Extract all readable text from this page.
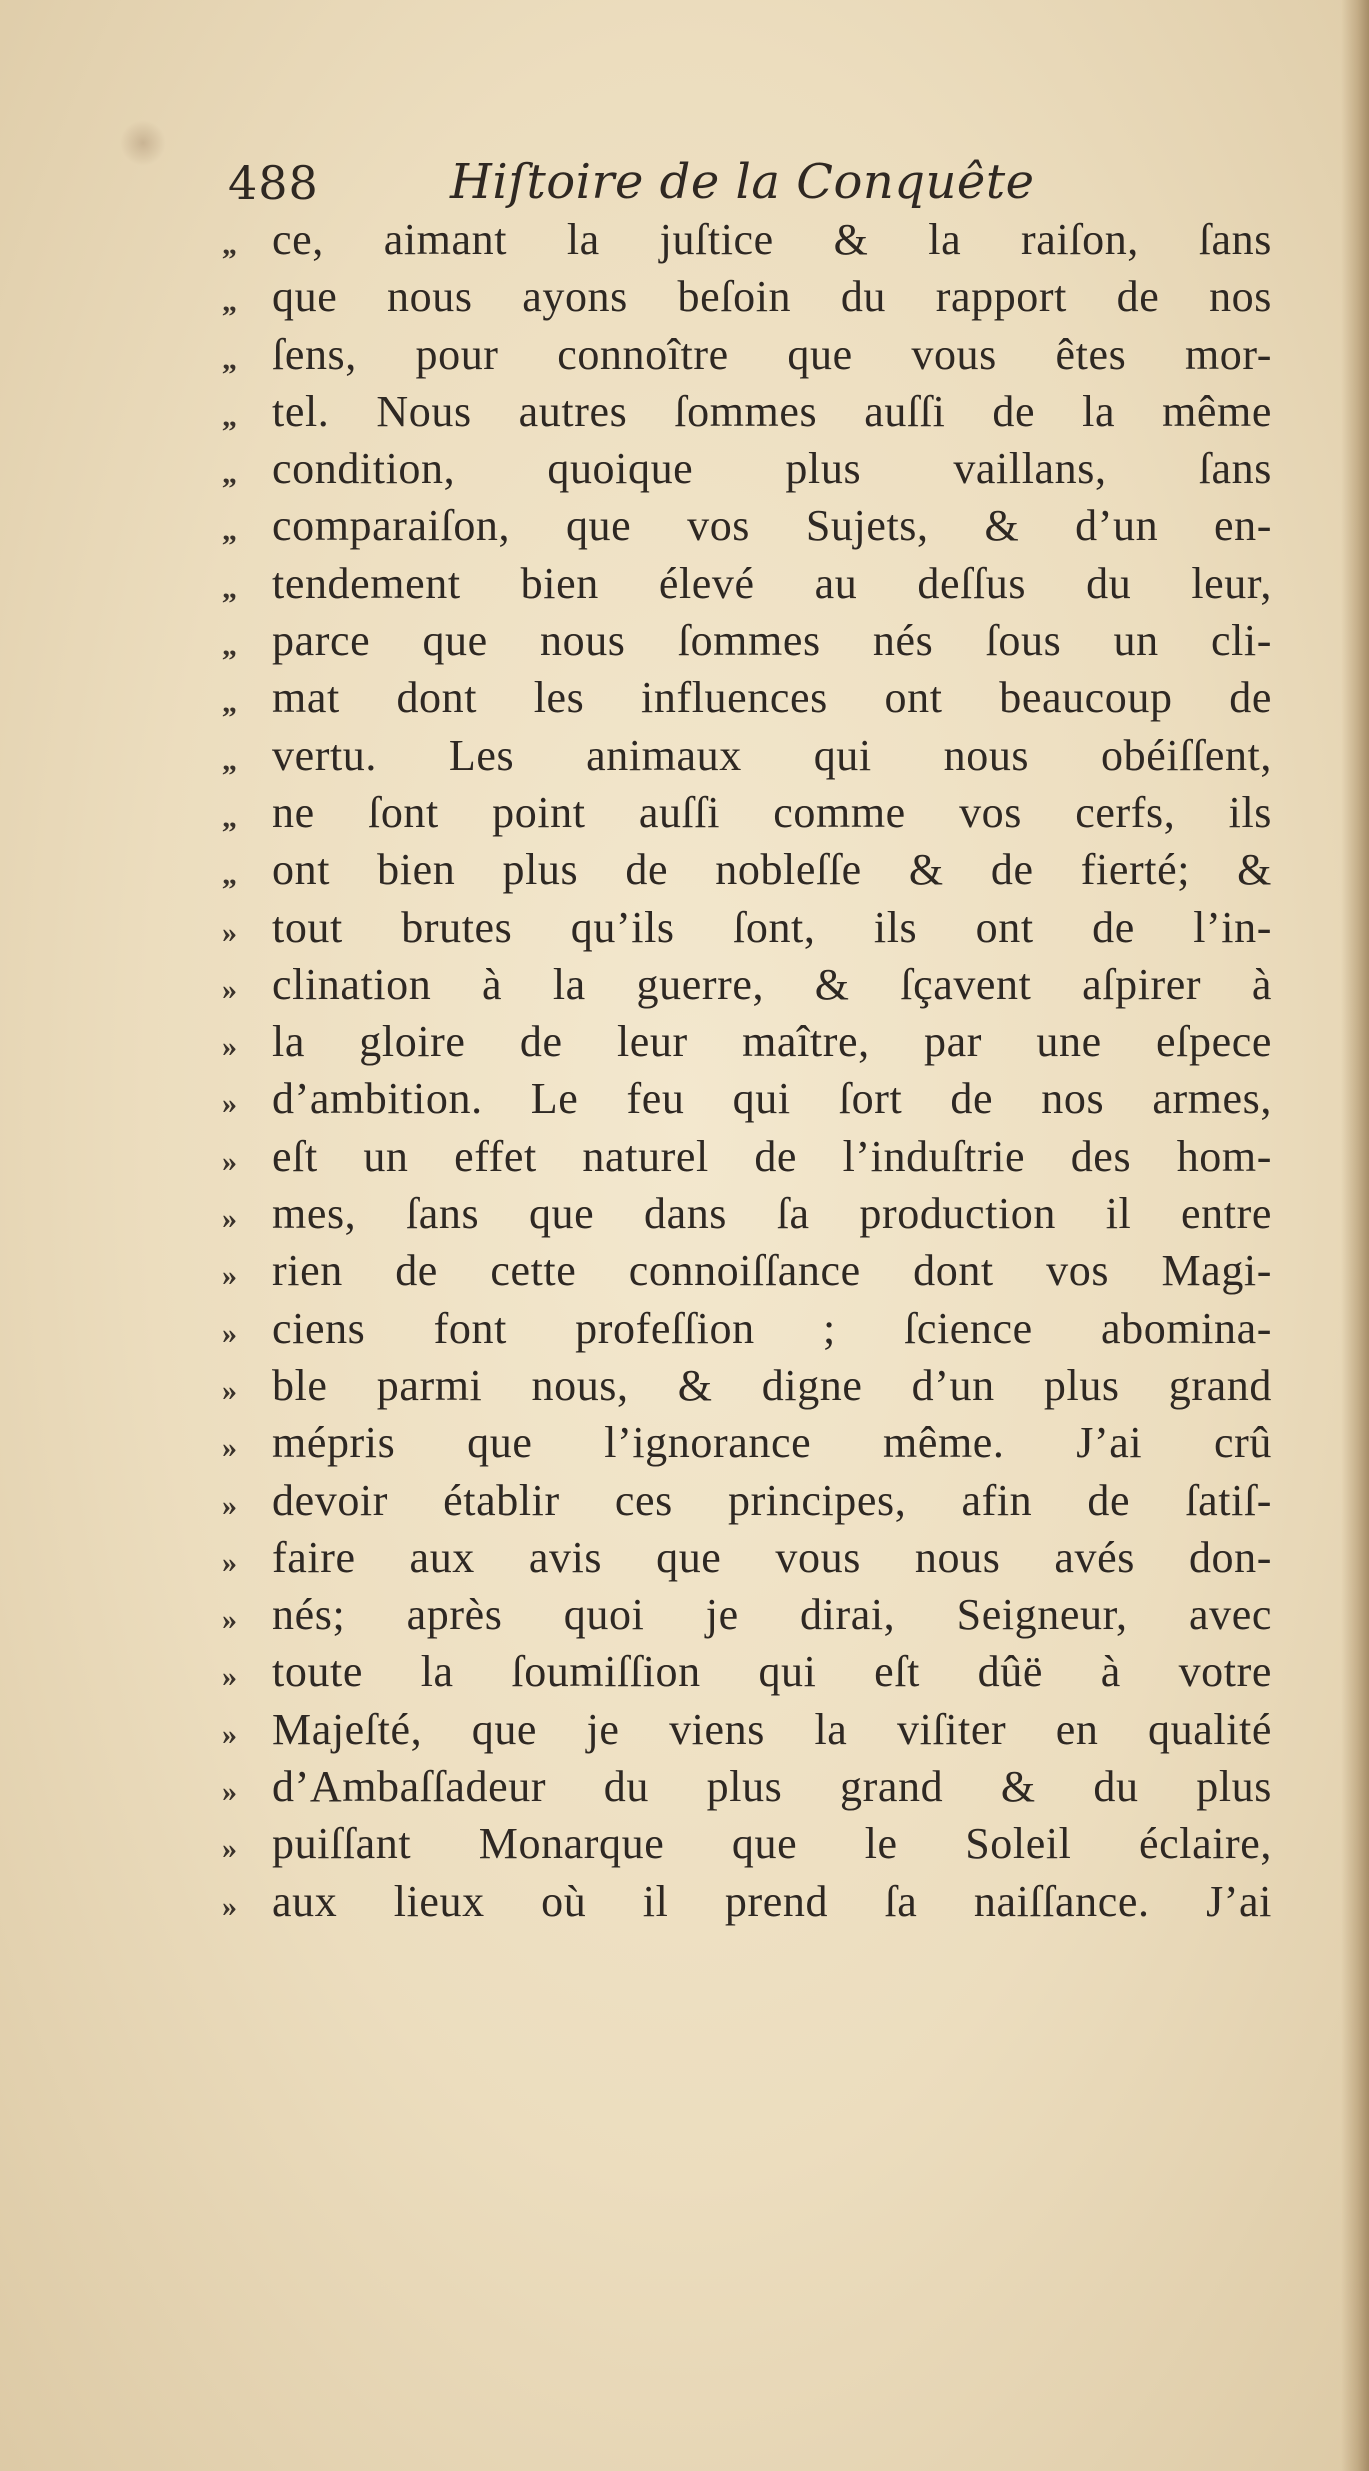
488	Hiſtoire de la Conquête
„ ce, aimant la juſtice & la raiſon, ſans
„ que nous ayons beſoin du rapport de nos
„ ſens, pour connoître que vous êtes mor-
„ tel. Nous autres ſommes auſſi de la même
„ condition, quoique plus vaillans, ſans
„ comparaiſon, que vos Sujets, & d’un en-
„ tendement bien élevé au deſſus du leur,
„ parce que nous ſommes nés ſous un cli-
„ mat dont les influences ont beaucoup de
„ vertu. Les animaux qui nous obéiſſent,
„ ne ſont point auſſi comme vos cerfs, ils
„ ont bien plus de nobleſſe & de fierté; &
» tout brutes qu’ils ſont, ils ont de l’in-
» clination à la guerre, & ſçavent aſpirer à
» la gloire de leur maître, par une eſpece
» d’ambition. Le feu qui ſort de nos armes,
» eſt un effet naturel de l’induſtrie des hom-
» mes, ſans que dans ſa production il entre
» rien de cette connoiſſance dont vos Magi-
» ciens font profeſſion ; ſcience abomina-
» ble parmi nous, & digne d’un plus grand
» mépris que l’ignorance même. J’ai crû
» devoir établir ces principes, afin de ſatiſ-
» faire aux avis que vous nous avés don-
» nés; après quoi je dirai, Seigneur, avec
» toute la ſoumiſſion qui eſt dûë à votre
» Majeſté, que je viens la viſiter en qualité
» d’Ambaſſadeur du plus grand & du plus
» puiſſant Monarque que le Soleil éclaire,
» aux lieux où il prend ſa naiſſance. J’ai
